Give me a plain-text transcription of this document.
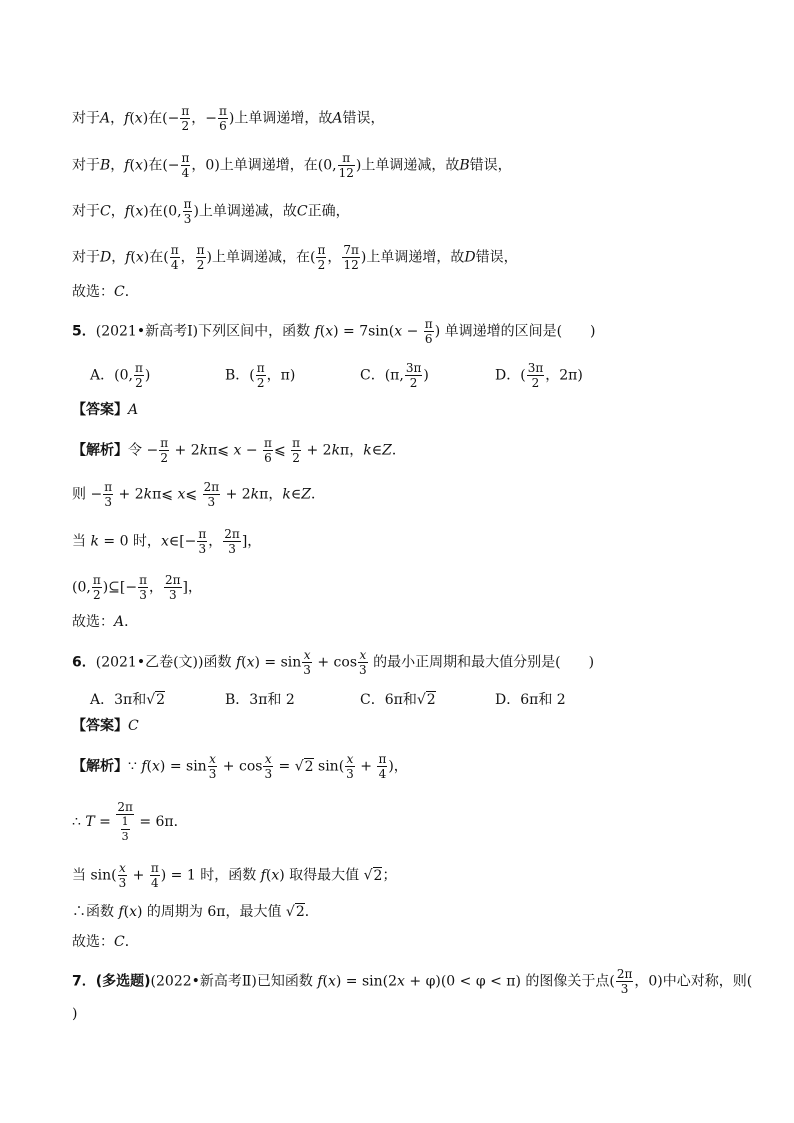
对于A，f(x)在(− $\frac{\pi}{2}$ ，− $\frac{\pi}{6}$ )上单调递增，故A错误，
对于B，f(x)在(− $\frac{\pi}{4}$ ，0)上单调递增，在(0, $\frac{\pi}{12}$ )上单调递减，故B错误，
对于C，f(x)在(0, $\frac{\pi}{3}$ )上单调递减，故C正确，
对于D，f(x)在( $\frac{\pi}{4}$ ， $\frac{\pi}{2}$ )上单调递减，在( $\frac{\pi}{2}$ ， $\frac{7\pi}{12}$ )上单调递增，故D错误，
故选：C．
5．(2021•新高考Ⅰ)下列区间中，函数 $f(x) = 7\sin(x - \frac{\pi}{6}$ ) 单调递增的区间是(　　)
A．(0, $\frac{\pi}{2}$ )	B．( $\frac{\pi}{2}$ ，π)	C．(π, $\frac{3\pi}{2}$ )	D．( $\frac{3\pi}{2}$ ，2π)
【答案】A
【解析】令 − $\frac{\pi}{2}$ + 2kπ⩽ $x - \frac{\pi}{6}$ ⩽ $\frac{\pi}{2} + 2k\pi$，k∈Z．
则 − $\frac{\pi}{3}$ + 2kπ⩽ x⩽ $\frac{2\pi}{3} + 2k\pi$，k∈Z．
当 k = 0 时，x∈[− $\frac{\pi}{3}$ ， $\frac{2\pi}{3}$ ]，
(0, $\frac{\pi}{2}$ )⊆[− $\frac{\pi}{3}$ ， $\frac{2\pi}{3}$ ]，
故选：A．
6．(2021•乙卷(文))函数 $f(x) = \sin \frac{x}{3} + \cos \frac{x}{3}$ 的最小正周期和最大值分别是(　　)
A．3π和√2	B．3π和 2	C．6π和√2	D．6π和 2
【答案】C
【解析】∵ $f(x) = \sin \frac{x}{3} + \cos \frac{x}{3} = √2$ $\sin( \frac{x}{3} + \frac{\pi}{4}$ )，
∴ $T = \frac{2\pi}{\frac{1}{3}} = 6\pi$．
当 $\sin( \frac{x}{3} + \frac{\pi}{4}$ ) = 1 时，函数 f(x) 取得最大值 √2；
∴函数 f(x) 的周期为 6π，最大值 √2．
故选：C．
7．(多选题)(2022•新高考Ⅱ)已知函数 f(x) = sin(2x + φ)(0 < φ < π) 的图像关于点( $\frac{2\pi}{3}$ ，0)中心对称，则(
)
